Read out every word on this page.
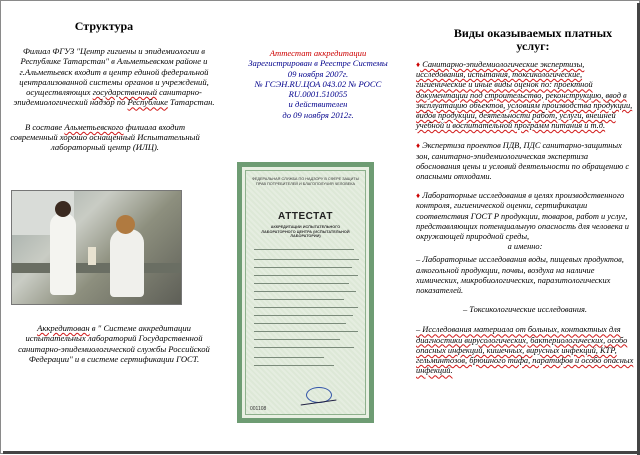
Структура

Филиал ФГУЗ "Центр гигиены и эпидемиологии в Республике Татарстан" в Альметьевском районе и г.Альметьевск входит в центр единой федеральной централизованной системы органов и учреждений, осуществляющих государственный санитарно-эпидемиологический надзор по Республике Татарстан.

В составе Альметьевского филиала входит современный хорошо оснащенный Испытательный лабораторный центр (ИЛЦ).

Аккредитован в " Системе аккредитации испытательных лабораторий Государственной санитарно-эпидемиологической службы Российской Федерации" и в системе сертификации ГОСТ.

Аттестат аккредитации
Зарегистрирован в Реестре Системы
09 ноября 2007г.
№ ГСЭН.RU.ЦОА 043.02 № РОСС
RU.0001.510055
и действителен
до 09 ноября 2012г.
ФЕДЕРАЛЬНАЯ СЛУЖБА ПО НАДЗОРУ В СФЕРЕ ЗАЩИТЫ ПРАВ ПОТРЕБИТЕЛЕЙ И БЛАГОПОЛУЧИЯ ЧЕЛОВЕКА
АТТЕСТАТ
АККРЕДИТАЦИИ ИСПЫТАТЕЛЬНОГО ЛАБОРАТОРНОГО ЦЕНТРА (ИСПЫТАТЕЛЬНОЙ ЛАБОРАТОРИИ)
001108
Виды оказываемых платных услуг:

♦ Санитарно-эпидемиологические экспертизы, исследования, испытания, токсикологические, гигиенические и иные виды оценок по: проектной документации под строительство, реконструкцию, ввод в эксплуатацию объектов, условиям производства продукции, видов продукции, деятельности работ, услуги, внешней учебной и воспитательной программ питания и т.д.

♦ Экспертиза проектов ПДВ, ПДС санитарно-защитных зон, санитарно-эпидемиологическая экспертиза обоснования цены и условий деятельности по обращению с опасными отходами.

♦ Лабораторные исследования в целях производственного контроля, гигиенической оценки, сертификации соответствия ГОСТ Р продукции, товаров, работ и услуг, представляющих потенциальную опасность для человека и окружающей природной среды,

а именно:

– Лабораторные исследования воды, пищевых продуктов, алкогольной продукции, почвы, воздуха на наличие химических, микробиологических, паразитологических показателей.

– Токсикологические исследования.

– Исследования материала от больных, контактных для диагностики вирусологических, бактериологических, особо опасных инфекций, кишечных, вирусных инфекций, КТР, гельминтозов, брюшного тифа, паратифов и особо опасных инфекций.
